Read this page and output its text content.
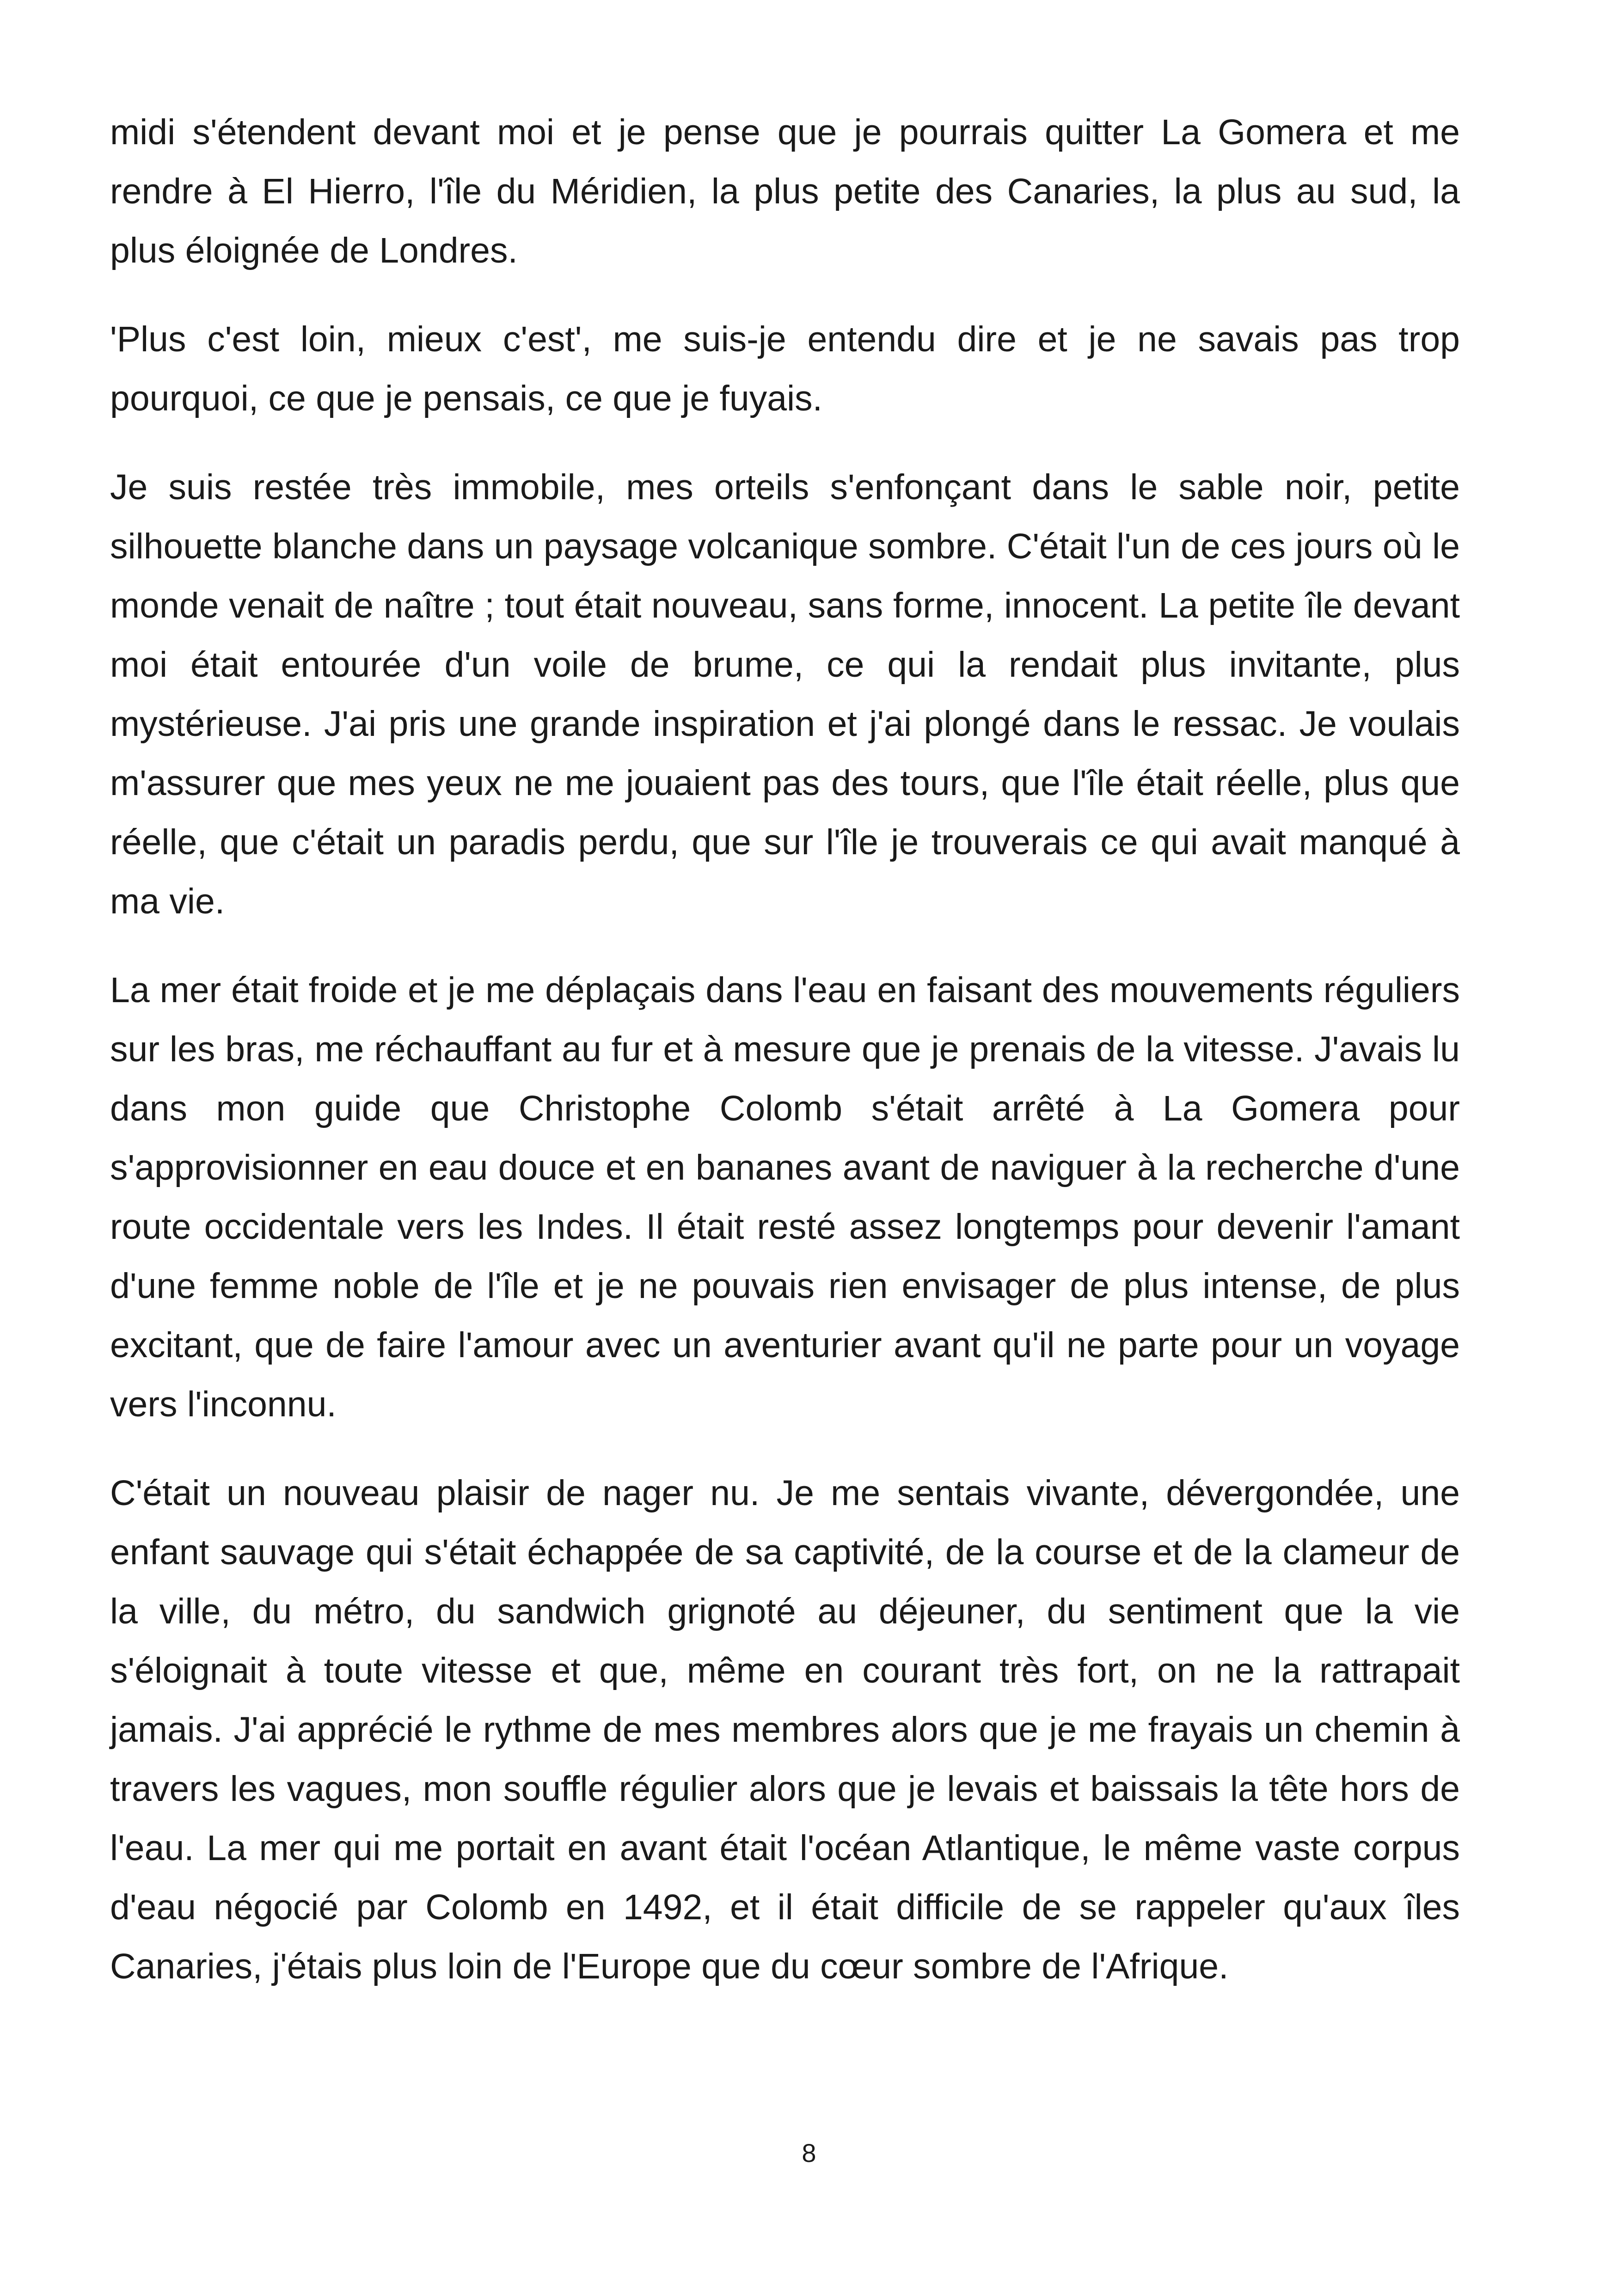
midi s'étendent devant moi et je pense que je pourrais quitter La Gomera et me rendre à El Hierro, l'île du Méridien, la plus petite des Canaries, la plus au sud, la plus éloignée de Londres.

'Plus c'est loin, mieux c'est', me suis-je entendu dire et je ne savais pas trop pourquoi, ce que je pensais, ce que je fuyais.

Je suis restée très immobile, mes orteils s'enfonçant dans le sable noir, petite silhouette blanche dans un paysage volcanique sombre. C'était l'un de ces jours où le monde venait de naître ; tout était nouveau, sans forme, innocent. La petite île devant moi était entourée d'un voile de brume, ce qui la rendait plus invitante, plus mystérieuse. J'ai pris une grande inspiration et j'ai plongé dans le ressac. Je voulais m'assurer que mes yeux ne me jouaient pas des tours, que l'île était réelle, plus que réelle, que c'était un paradis perdu, que sur l'île je trouverais ce qui avait manqué à ma vie.

La mer était froide et je me déplaçais dans l'eau en faisant des mouvements réguliers sur les bras, me réchauffant au fur et à mesure que je prenais de la vitesse. J'avais lu dans mon guide que Christophe Colomb s'était arrêté à La Gomera pour s'approvisionner en eau douce et en bananes avant de naviguer à la recherche d'une route occidentale vers les Indes. Il était resté assez longtemps pour devenir l'amant d'une femme noble de l'île et je ne pouvais rien envisager de plus intense, de plus excitant, que de faire l'amour avec un aventurier avant qu'il ne parte pour un voyage vers l'inconnu.

C'était un nouveau plaisir de nager nu. Je me sentais vivante, dévergondée, une enfant sauvage qui s'était échappée de sa captivité, de la course et de la clameur de la ville, du métro, du sandwich grignoté au déjeuner, du sentiment que la vie s'éloignait à toute vitesse et que, même en courant très fort, on ne la rattrapait jamais. J'ai apprécié le rythme de mes membres alors que je me frayais un chemin à travers les vagues, mon souffle régulier alors que je levais et baissais la tête hors de l'eau. La mer qui me portait en avant était l'océan Atlantique, le même vaste corpus d'eau négocié par Colomb en 1492, et il était difficile de se rappeler qu'aux îles Canaries, j'étais plus loin de l'Europe que du cœur sombre de l'Afrique.

8
